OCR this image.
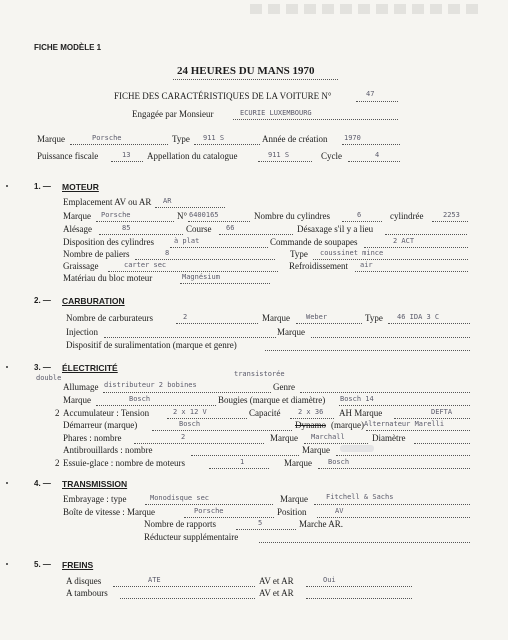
FICHE MODÈLE 1
24 HEURES DU MANS 1970
FICHE DES CARACTÉRISTIQUES DE LA VOITURE N°	47
Engagée par Monsieur	ECURIE LUXEMBOURG
Marque	Porsche	Type 911 S	Année de création 1970
Puissance fiscale	13 Appellation du catalogue	911 S	Cycle	4
1. — MOTEUR
Emplacement AV ou AR AR
Marque Porsche	N° 6400165	Nombre du cylindres	6	cylindrée	2253
Alésage	85	Course 66	Désaxage s'il y a lieu
Disposition des cylindres	à plat	Commande de soupapes	2 ACT
Nombre de paliers	8	Type coussinet mince
Graissage	carter sec	Refroidissement air
Matériau du bloc moteur	Magnésium
2. — CARBURATION
Nombre de carburateurs	2	Marque Weber	Type 46 IDA 3 C
Injection	Marque
Dispositif de suralimentation (marque et genre)
3. — ÉLECTRICITÉ
double	transistorée
Allumage distributeur 2 bobines	Genre
Marque	Bosch	Bougies (marque et diamètre) Bosch 14
2 Accumulateur : Tension	2 x 12 V	Capacité	2 x 36 AH Marque	DEFTA
Démarreur (marque)	Bosch	Dynamo (marque) Alternateur Marelli
Phares : nombre	2	Marque Marchall	Diamètre
Antibrouillards : nombre	Marque
2 Essuie-glace : nombre de moteurs	1	Marque Bosch
4. — TRANSMISSION
Embrayage : type	Monodisque sec	Marque	Fitchell & Sachs
Boîte de vitesse : Marque	Porsche	Position	AV
Nombre de rapports	5	Marche AR.
Réducteur supplémentaire
5. — FREINS
A disques	ATE	AV et AR	Oui
A tambours	AV et AR
